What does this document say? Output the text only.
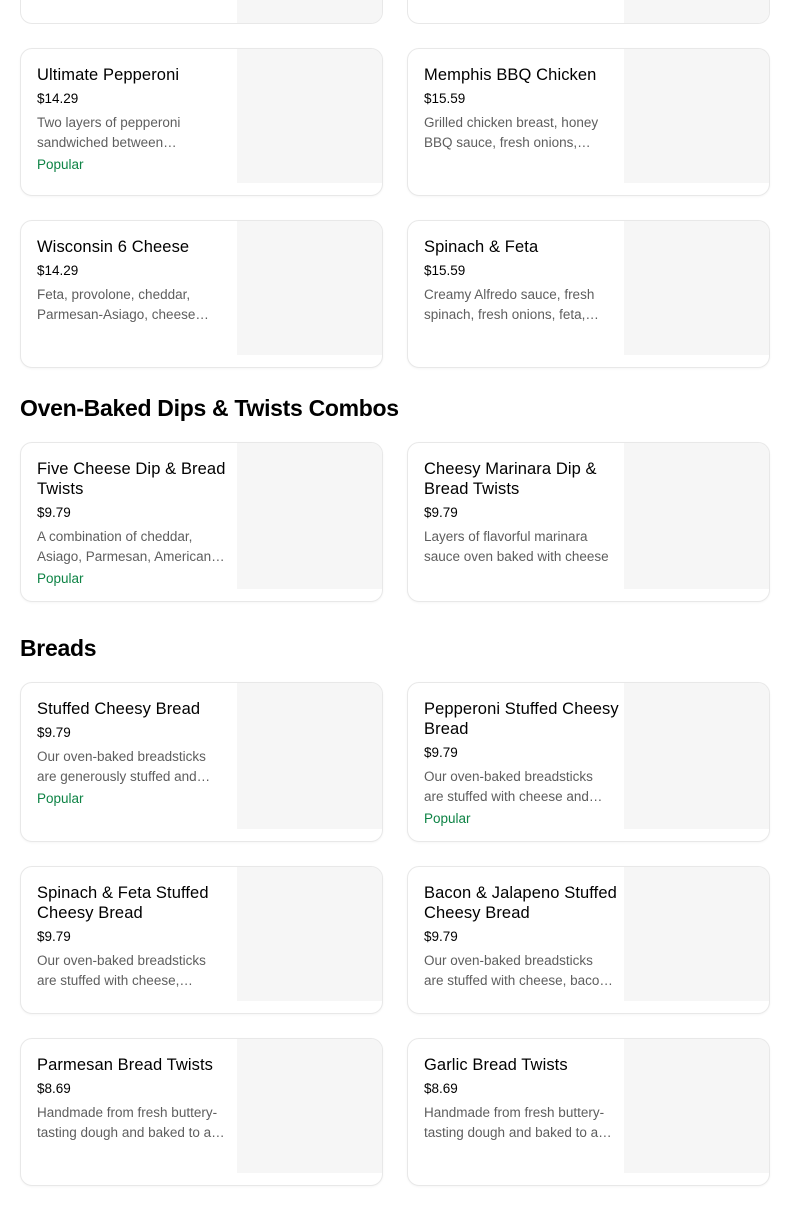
Ultimate Pepperoni
$14.29
Two layers of pepperoni sandwiched between
Popular
Memphis BBQ Chicken
$15.59
Grilled chicken breast, honey BBQ sauce, fresh onions,
Wisconsin 6 Cheese
$14.29
Feta, provolone, cheddar, Parmesan-Asiago, cheese
Spinach & Feta
$15.59
Creamy Alfredo sauce, fresh spinach, fresh onions, feta,
Oven-Baked Dips & Twists Combos
Five Cheese Dip & Bread Twists
$9.79
A combination of cheddar, Asiago, Parmesan, American
Popular
Cheesy Marinara Dip & Bread Twists
$9.79
Layers of flavorful marinara sauce oven baked with cheese
Breads
Stuffed Cheesy Bread
$9.79
Our oven-baked breadsticks are generously stuffed and
Popular
Pepperoni Stuffed Cheesy Bread
$9.79
Our oven-baked breadsticks are stuffed with cheese and
Popular
Spinach & Feta Stuffed Cheesy Bread
$9.79
Our oven-baked breadsticks are stuffed with cheese,
Bacon & Jalapeno Stuffed Cheesy Bread
$9.79
Our oven-baked breadsticks are stuffed with cheese, bacon
Parmesan Bread Twists
$8.69
Handmade from fresh buttery-tasting dough and baked to a
Garlic Bread Twists
$8.69
Handmade from fresh buttery-tasting dough and baked to a
